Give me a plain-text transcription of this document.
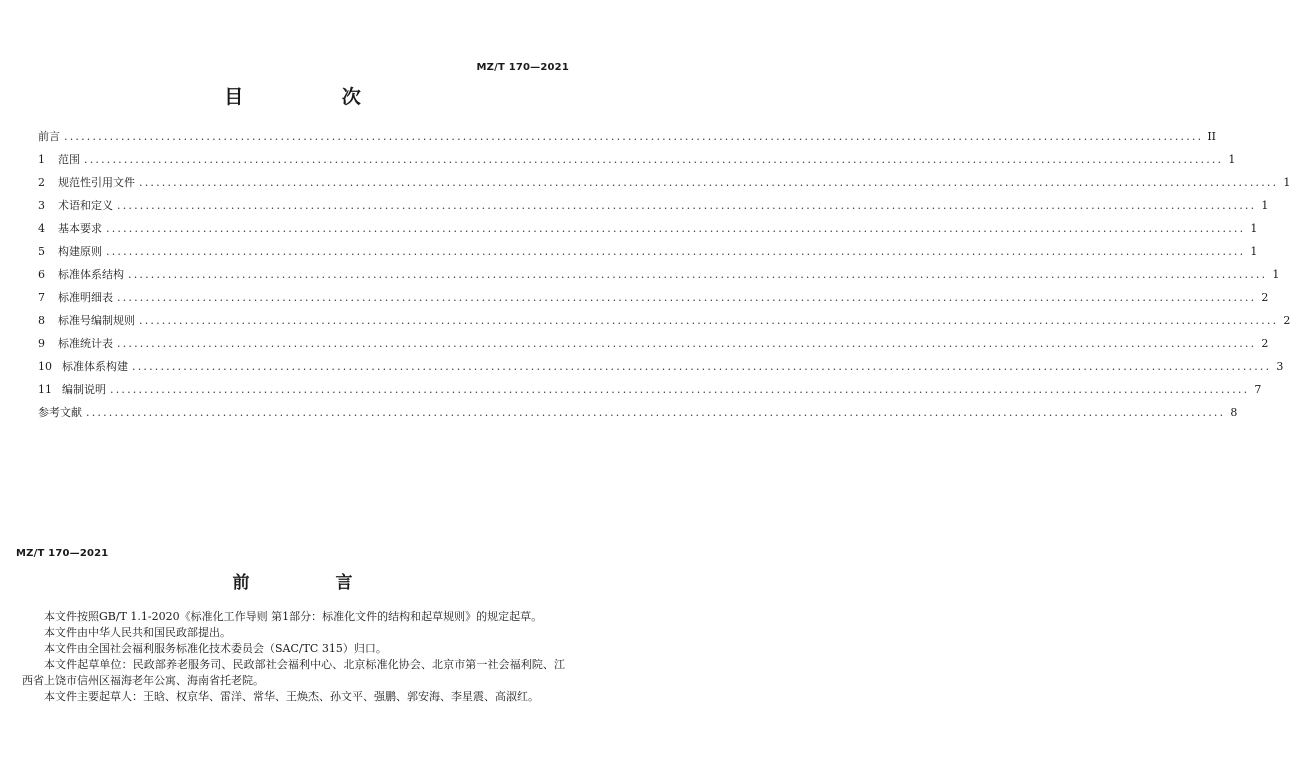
MZ/T 170—2021
目 次
前言 ........................................................................................................................................................................................................ II
1	范围 ........................................................................................................................................................................................................ 1
2	规范性引用文件 ........................................................................................................................................................................................................ 1
3	术语和定义 ........................................................................................................................................................................................................ 1
4	基本要求 ........................................................................................................................................................................................................ 1
5	构建原则 ........................................................................................................................................................................................................ 1
6	标准体系结构 ........................................................................................................................................................................................................ 1
7	标准明细表 ........................................................................................................................................................................................................ 2
8	标准号编制规则 ........................................................................................................................................................................................................ 2
9	标准统计表 ........................................................................................................................................................................................................ 2
10 标准体系构建 ........................................................................................................................................................................................................ 3
11 编制说明 ........................................................................................................................................................................................................ 7
参考文献 ........................................................................................................................................................................................................ 8
MZ/T 170—2021
前 言

本文件按照GB/T 1.1-2020《标准化工作导则 第1部分：标准化文件的结构和起草规则》的规定起草。

本文件由中华人民共和国民政部提出。

本文件由全国社会福利服务标准化技术委员会（SAC/TC 315）归口。

本文件起草单位：民政部养老服务司、民政部社会福利中心、北京标准化协会、北京市第一社会福利院、江西省上饶市信州区福海老年公寓、海南省托老院。

本文件主要起草人：王晗、权京华、雷洋、常华、王焕杰、孙文平、强鹏、郭安海、李星震、高淑红。
